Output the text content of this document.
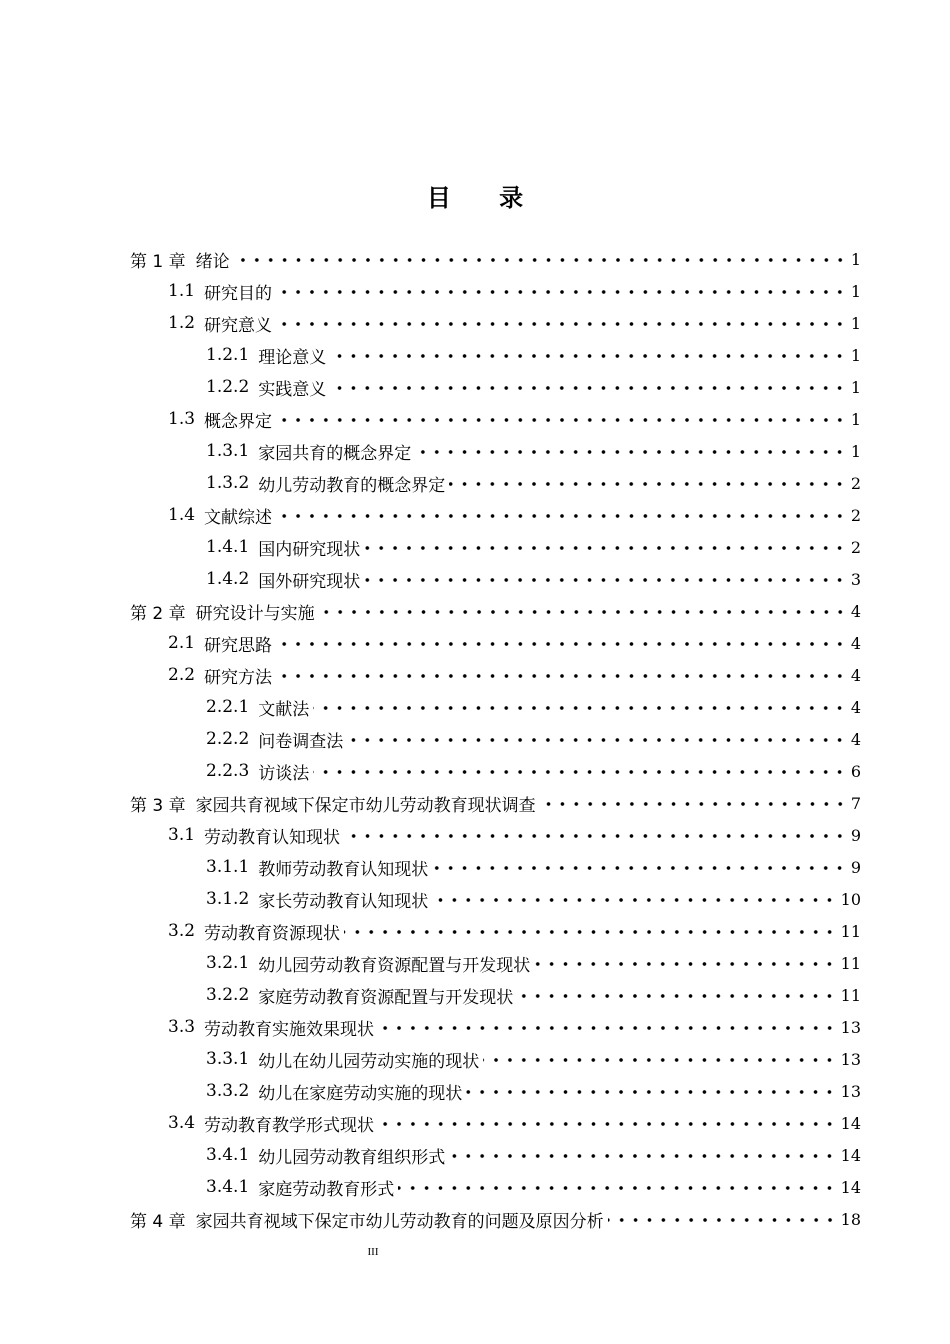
目 录
第 1 章 绪论	1
1.1 研究目的	1
1.2 研究意义	1
1.2.1 理论意义	1
1.2.2 实践意义	1
1.3 概念界定	1
1.3.1 家园共育的概念界定	1
1.3.2 幼儿劳动教育的概念界定	2
1.4 文献综述	2
1.4.1 国内研究现状	2
1.4.2 国外研究现状	3
第 2 章 研究设计与实施	4
2.1 研究思路	4
2.2 研究方法	4
2.2.1 文献法	4
2.2.2 问卷调查法	4
2.2.3 访谈法	6
第 3 章 家园共育视域下保定市幼儿劳动教育现状调查	7
3.1 劳动教育认知现状	9
3.1.1 教师劳动教育认知现状	9
3.1.2 家长劳动教育认知现状	10
3.2 劳动教育资源现状	11
3.2.1 幼儿园劳动教育资源配置与开发现状	11
3.2.2 家庭劳动教育资源配置与开发现状	11
3.3 劳动教育实施效果现状	13
3.3.1 幼儿在幼儿园劳动实施的现状	13
3.3.2 幼儿在家庭劳动实施的现状	13
3.4 劳动教育教学形式现状	14
3.4.1 幼儿园劳动教育组织形式	14
3.4.1 家庭劳动教育形式	14
第 4 章 家园共育视域下保定市幼儿劳动教育的问题及原因分析	18
III
